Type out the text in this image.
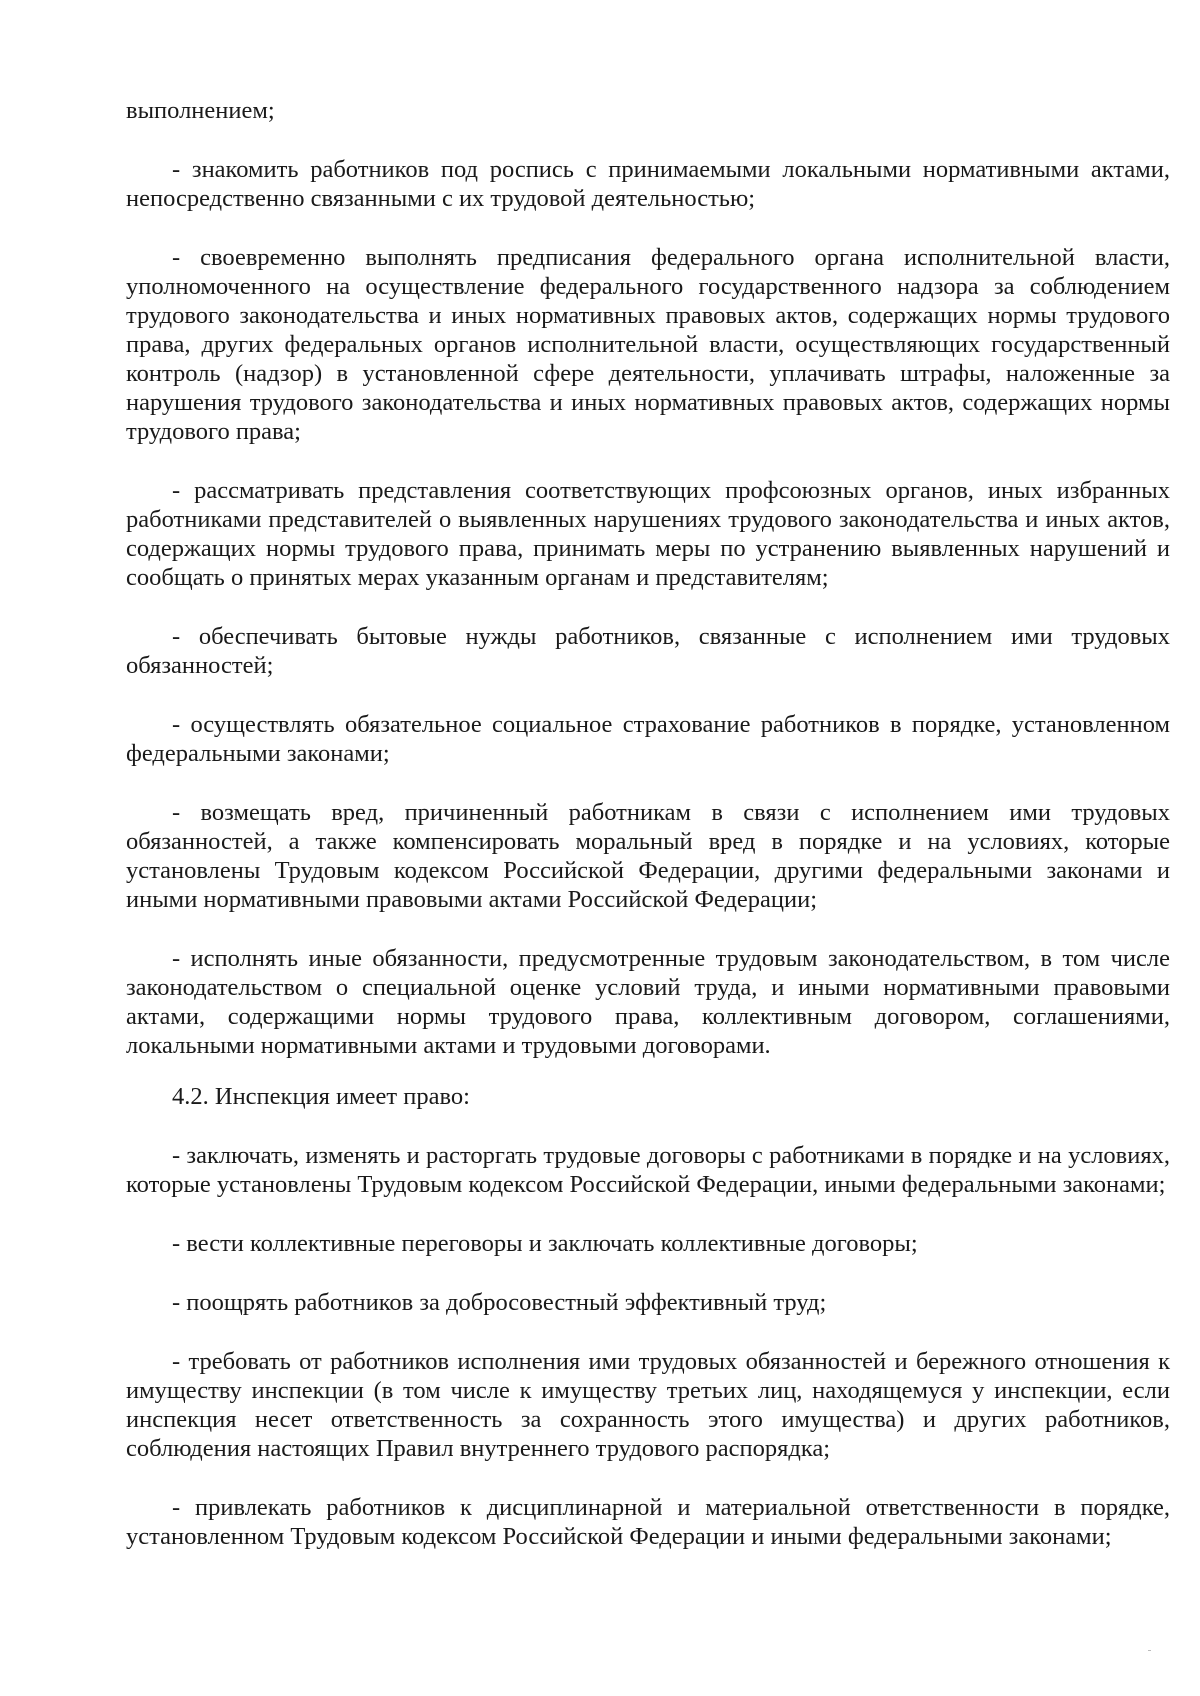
выполнением;

- знакомить работников под роспись с принимаемыми локальными нормативными актами, непосредственно связанными с их трудовой деятельностью;

- своевременно выполнять предписания федерального органа исполнительной власти, уполномоченного на осуществление федерального государственного надзора за соблюдением трудового законодательства и иных нормативных правовых актов, содержащих нормы трудового права, других федеральных органов исполнительной власти, осуществляющих государственный контроль (надзор) в установленной сфере деятельности, уплачивать штрафы, наложенные за нарушения трудового законодательства и иных нормативных правовых актов, содержащих нормы трудового права;

- рассматривать представления соответствующих профсоюзных органов, иных избранных работниками представителей о выявленных нарушениях трудового законодательства и иных актов, содержащих нормы трудового права, принимать меры по устранению выявленных нарушений и сообщать о принятых мерах указанным органам и представителям;

- обеспечивать бытовые нужды работников, связанные с исполнением ими трудовых обязанностей;

- осуществлять обязательное социальное страхование работников в порядке, установленном федеральными законами;

- возмещать вред, причиненный работникам в связи с исполнением ими трудовых обязанностей, а также компенсировать моральный вред в порядке и на условиях, которые установлены Трудовым кодексом Российской Федерации, другими федеральными законами и иными нормативными правовыми актами Российской Федерации;

- исполнять иные обязанности, предусмотренные трудовым законодательством, в том числе законодательством о специальной оценке условий труда, и иными нормативными правовыми актами, содержащими нормы трудового права, коллективным договором, соглашениями, локальными нормативными актами и трудовыми договорами.

4.2. Инспекция имеет право:

- заключать, изменять и расторгать трудовые договоры с работниками в порядке и на условиях, которые установлены Трудовым кодексом Российской Федерации, иными федеральными законами;

- вести коллективные переговоры и заключать коллективные договоры;

- поощрять работников за добросовестный эффективный труд;

- требовать от работников исполнения ими трудовых обязанностей и бережного отношения к имуществу инспекции (в том числе к имуществу третьих лиц, находящемуся у инспекции, если инспекция несет ответственность за сохранность этого имущества) и других работников, соблюдения настоящих Правил внутреннего трудового распорядка;

- привлекать работников к дисциплинарной и материальной ответственности в порядке, установленном Трудовым кодексом Российской Федерации и иными федеральными законами;
